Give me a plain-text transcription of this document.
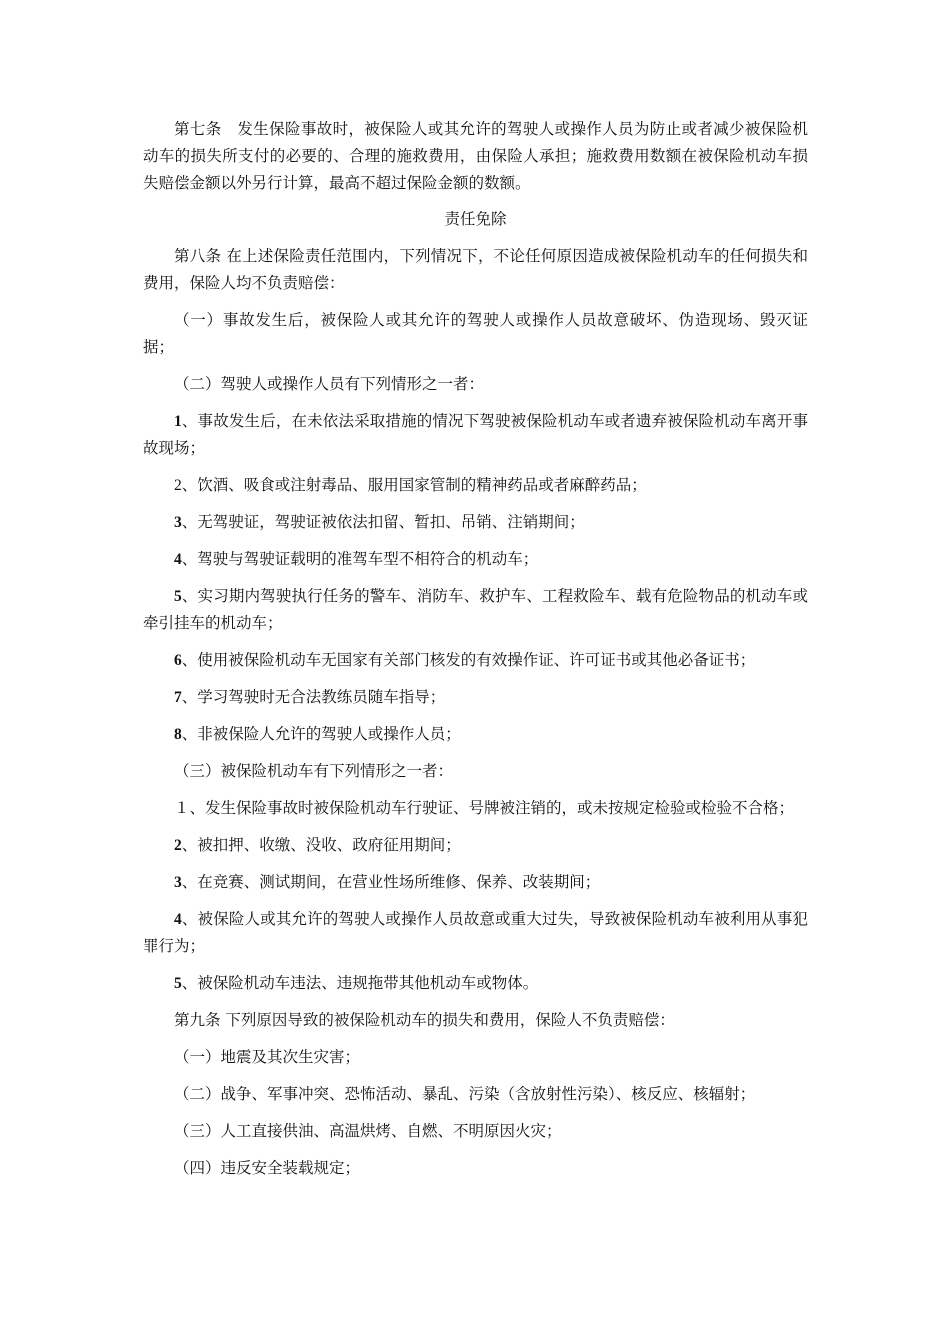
第七条　发生保险事故时，被保险人或其允许的驾驶人或操作人员为防止或者减少被保险机动车的损失所支付的必要的、合理的施救费用，由保险人承担；施救费用数额在被保险机动车损失赔偿金额以外另行计算，最高不超过保险金额的数额。

责任免除

第八条 在上述保险责任范围内，下列情况下，不论任何原因造成被保险机动车的任何损失和费用，保险人均不负责赔偿：

（一）事故发生后，被保险人或其允许的驾驶人或操作人员故意破坏、伪造现场、毁灭证据；

（二）驾驶人或操作人员有下列情形之一者：

1、事故发生后，在未依法采取措施的情况下驾驶被保险机动车或者遗弃被保险机动车离开事故现场；

2、饮酒、吸食或注射毒品、服用国家管制的精神药品或者麻醉药品；

3、无驾驶证，驾驶证被依法扣留、暂扣、吊销、注销期间；

4、驾驶与驾驶证载明的准驾车型不相符合的机动车；

5、实习期内驾驶执行任务的警车、消防车、救护车、工程救险车、载有危险物品的机动车或牵引挂车的机动车；

6、使用被保险机动车无国家有关部门核发的有效操作证、许可证书或其他必备证书；

7、学习驾驶时无合法教练员随车指导；

8、非被保险人允许的驾驶人或操作人员；

（三）被保险机动车有下列情形之一者：

１、发生保险事故时被保险机动车行驶证、号牌被注销的，或未按规定检验或检验不合格；

2、被扣押、收缴、没收、政府征用期间；

3、在竞赛、测试期间，在营业性场所维修、保养、改装期间；

4、被保险人或其允许的驾驶人或操作人员故意或重大过失，导致被保险机动车被利用从事犯罪行为；

5、被保险机动车违法、违规拖带其他机动车或物体。

第九条 下列原因导致的被保险机动车的损失和费用，保险人不负责赔偿：

（一）地震及其次生灾害；

（二）战争、军事冲突、恐怖活动、暴乱、污染（含放射性污染）、核反应、核辐射；

（三）人工直接供油、高温烘烤、自燃、不明原因火灾；

（四）违反安全装载规定；
